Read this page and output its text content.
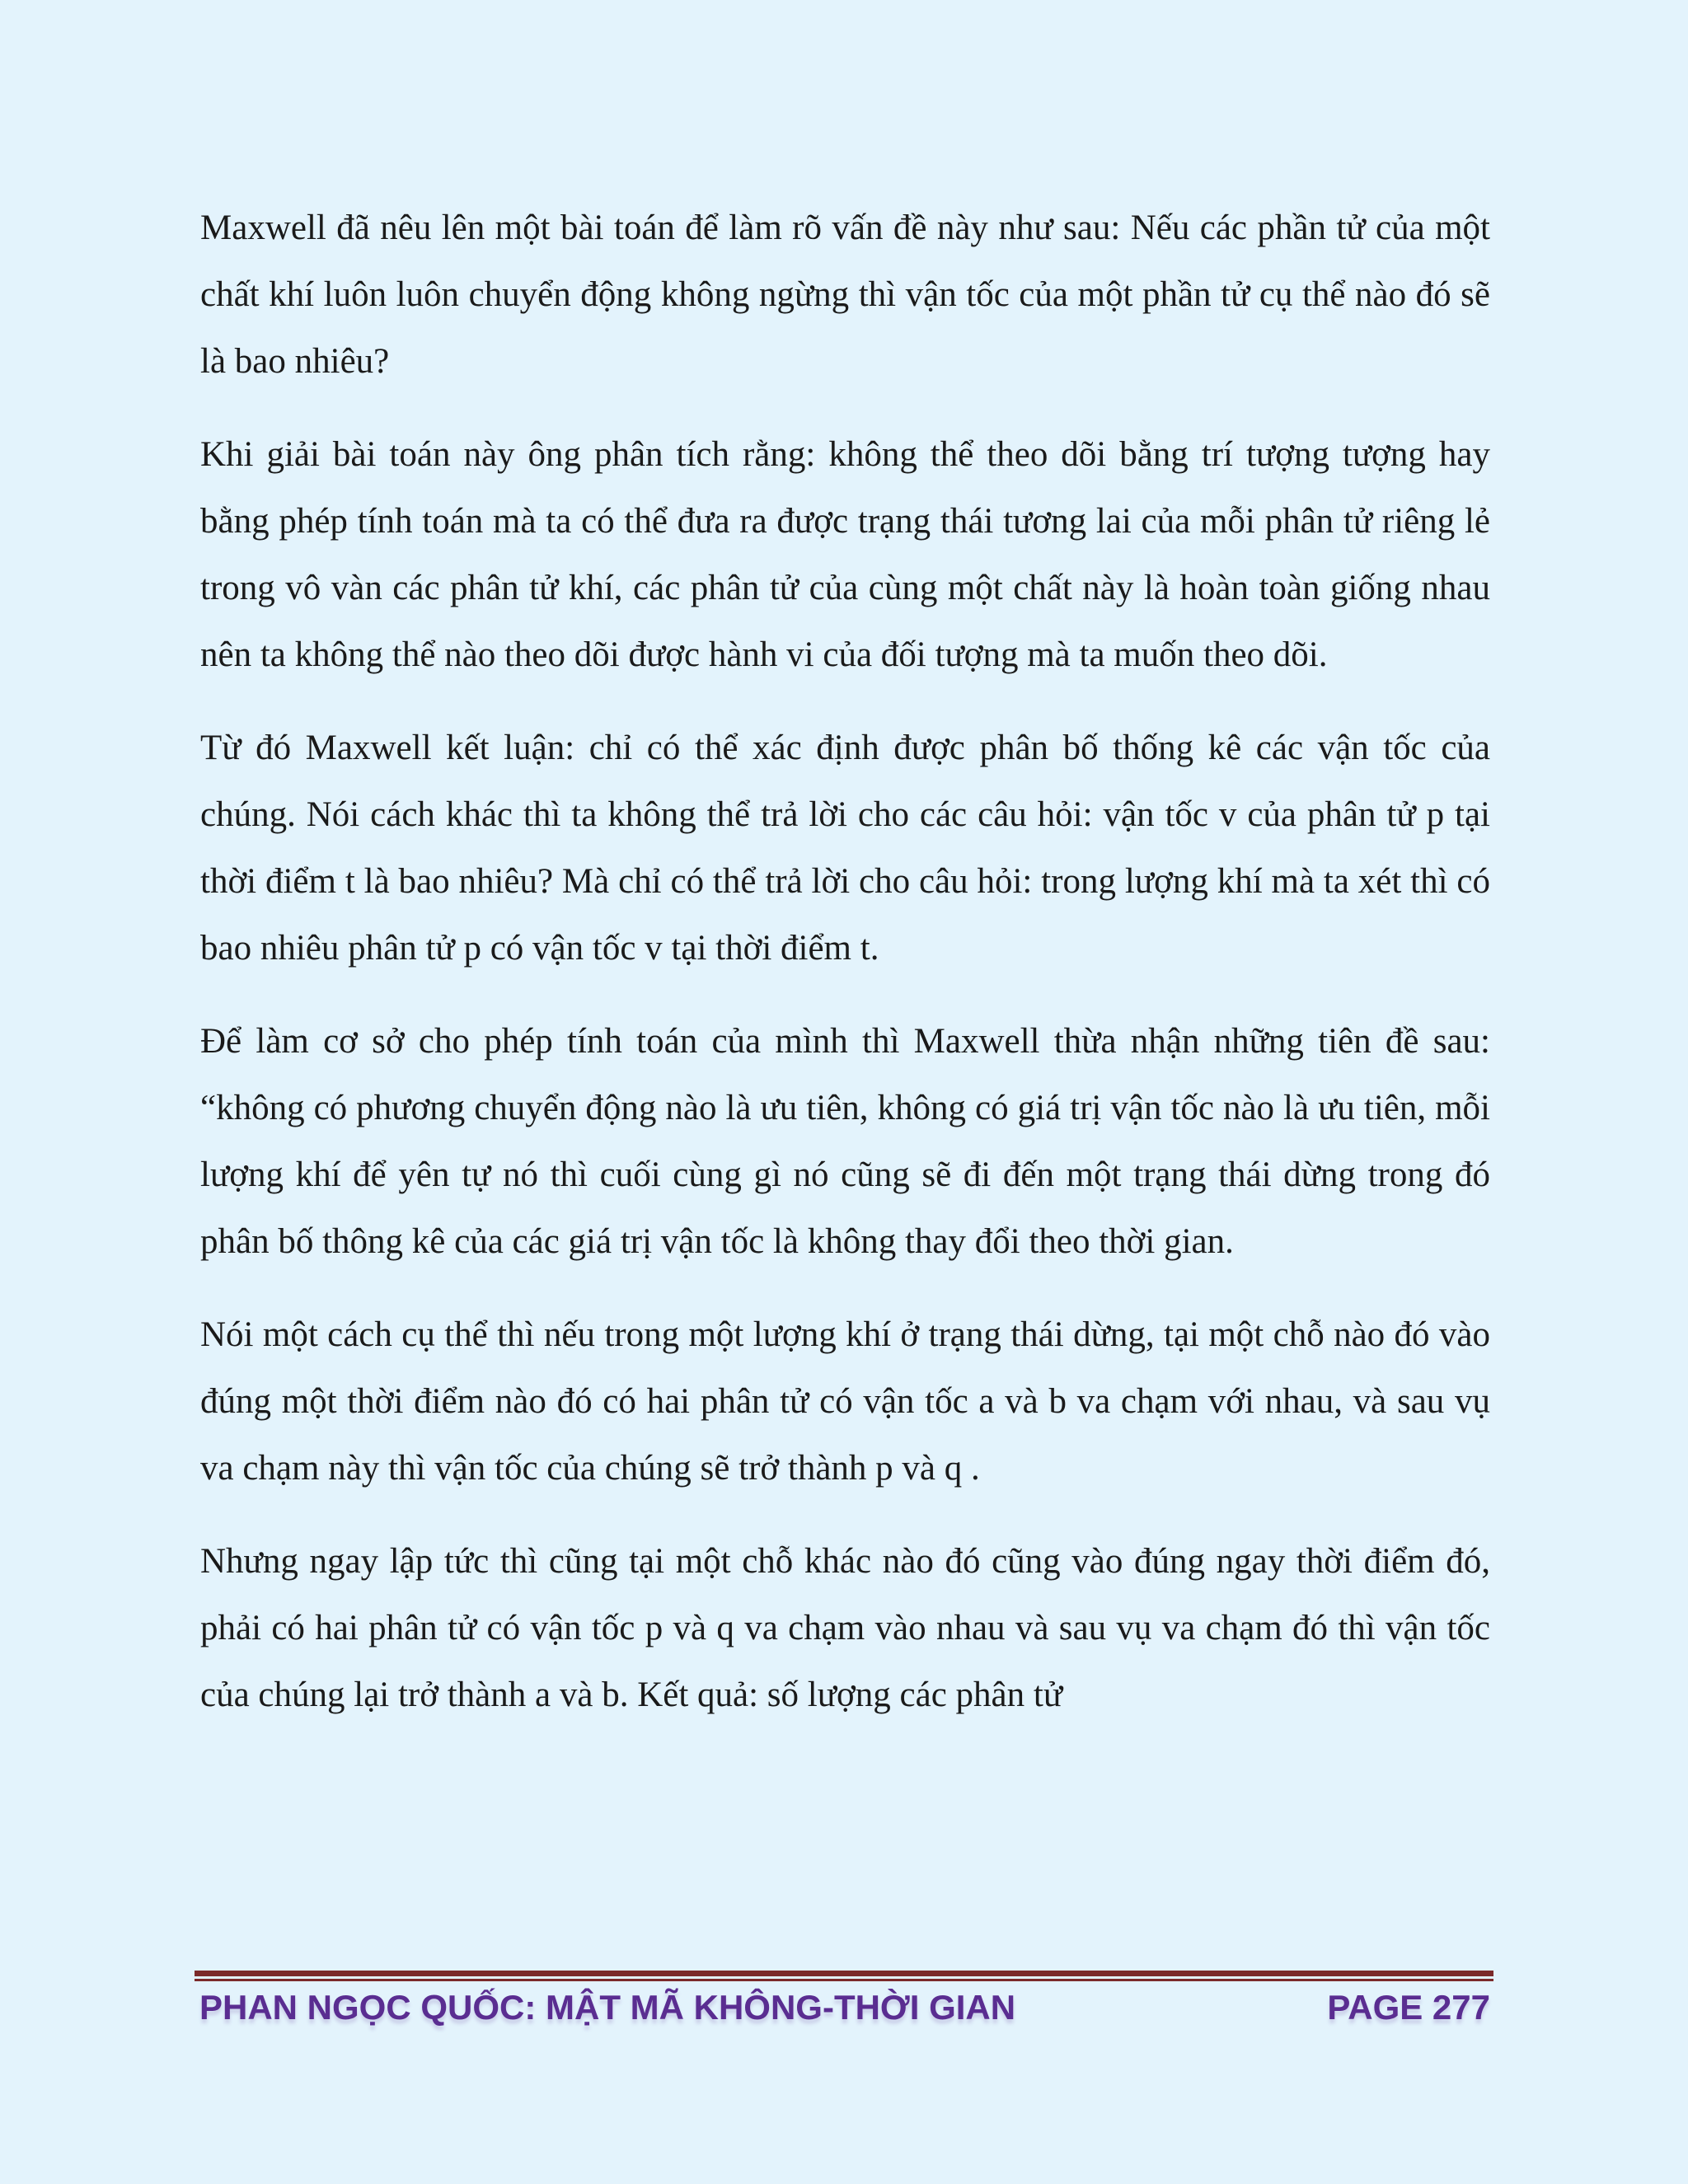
Maxwell đã nêu lên một bài toán để làm rõ vấn đề này như sau: Nếu các phần tử của một chất khí luôn luôn chuyển động không ngừng thì vận tốc của một phần tử cụ thể nào đó sẽ là bao nhiêu?

Khi giải bài toán này ông phân tích rằng: không thể theo dõi bằng trí tượng tượng hay bằng phép tính toán mà ta có thể đưa ra được trạng thái tương lai của mỗi phân tử riêng lẻ trong vô vàn các phân tử khí, các phân tử của cùng một chất này là hoàn toàn giống nhau nên ta không thể nào theo dõi được hành vi của đối tượng mà ta muốn theo dõi.

Từ đó Maxwell kết luận: chỉ có thể xác định được phân bố thống kê các vận tốc của chúng. Nói cách khác thì ta không thể trả lời cho các câu hỏi: vận tốc v của phân tử p tại thời điểm t là bao nhiêu? Mà chỉ có thể trả lời cho câu hỏi: trong lượng khí mà ta xét thì có bao nhiêu phân tử p có vận tốc v tại thời điểm t.

Để làm cơ sở cho phép tính toán của mình thì Maxwell thừa nhận những tiên đề sau: “không có phương chuyển động nào là ưu tiên, không có giá trị vận tốc nào là ưu tiên, mỗi lượng khí để yên tự nó thì cuối cùng gì nó cũng sẽ đi đến một trạng thái dừng trong đó phân bố thông kê của các giá trị vận tốc là không thay đổi theo thời gian.

Nói một cách cụ thể thì nếu trong một lượng khí ở trạng thái dừng, tại một chỗ nào đó vào đúng một thời điểm nào đó có hai phân tử có vận tốc a và b va chạm với nhau, và sau vụ va chạm này thì vận tốc của chúng sẽ trở thành p và q .

Nhưng ngay lập tức thì cũng tại một chỗ khác nào đó cũng vào đúng ngay thời điểm đó, phải có hai phân tử có vận tốc p và q va chạm vào nhau và sau vụ va chạm đó thì vận tốc của chúng lại trở thành a và b. Kết quả: số lượng các phân tử

PHAN NGỌC QUỐC: MẬT MÃ KHÔNG-THỜI GIAN	PAGE 277
